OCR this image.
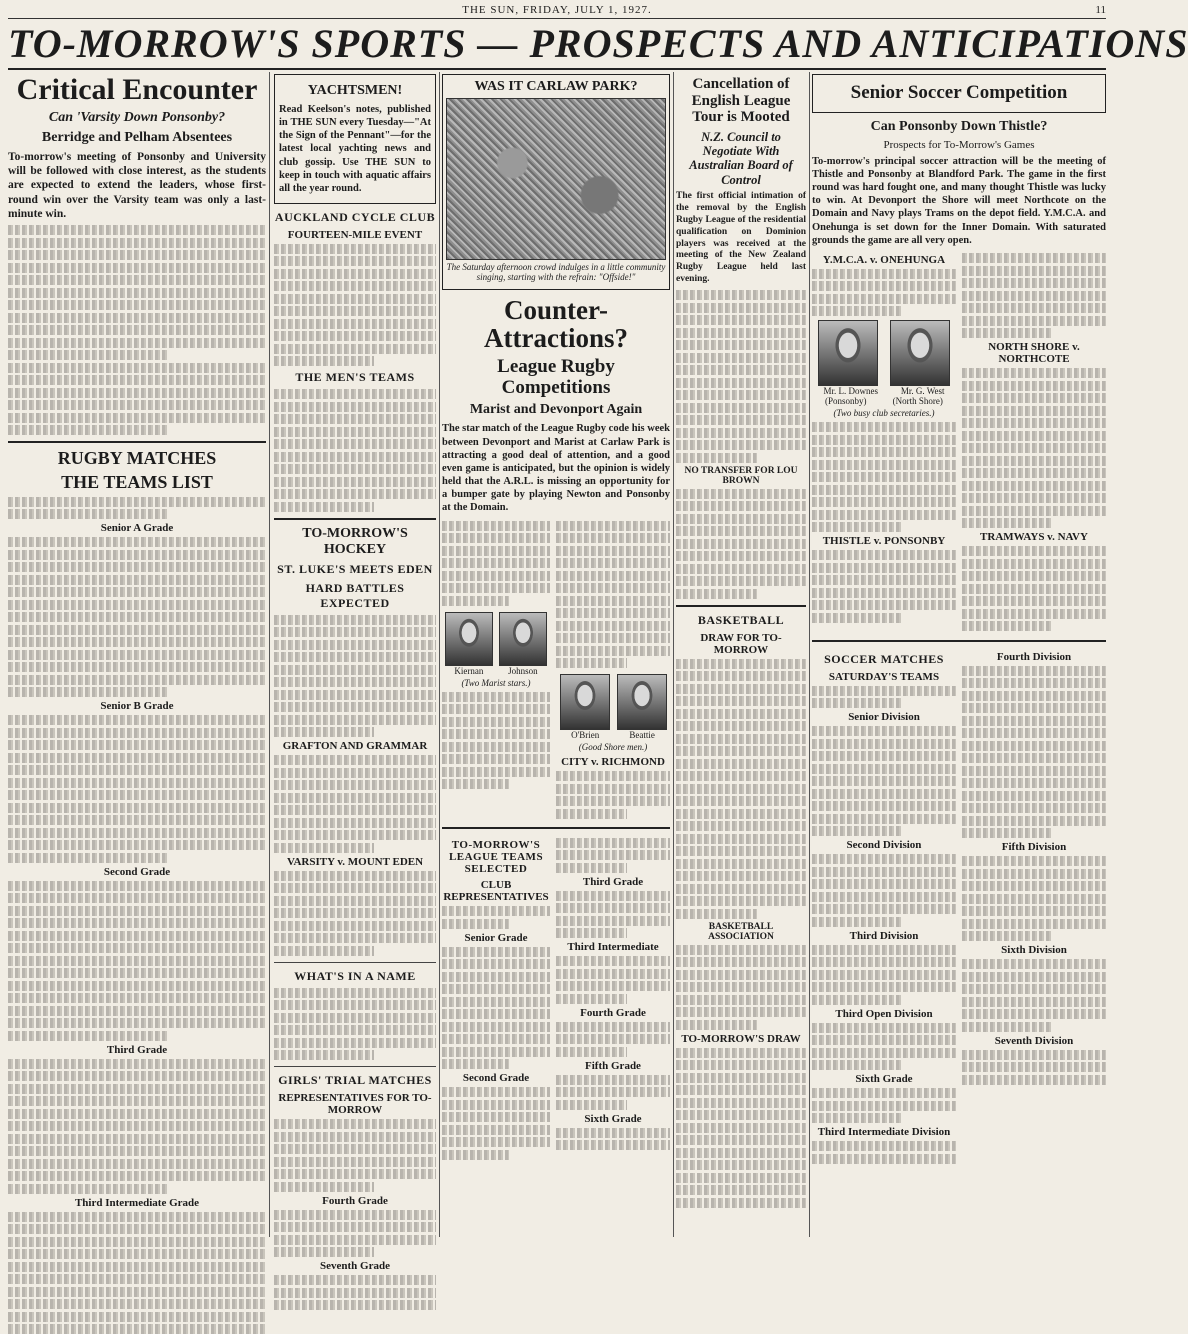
THE SUN, FRIDAY, JULY 1, 1927.	11
TO-MORROW'S SPORTS — PROSPECTS AND ANTICIPATIONS
Critical Encounter
Can 'Varsity Down Ponsonby?
Berridge and Pelham Absentees
To-morrow's meeting of Ponsonby and University will be followed with close interest, as the students are expected to extend the leaders, whose first-round win over the Varsity team was only a last-minute win.
RUGBY MATCHES
THE TEAMS LIST
Senior A Grade
Senior B Grade
Second Grade
Third Grade
Third Intermediate Grade
YACHTSMEN!
Read Keelson's notes, published in THE SUN every Tuesday—"At the Sign of the Pennant"—for the latest local yachting news and club gossip. Use THE SUN to keep in touch with aquatic affairs all the year round.
AUCKLAND CYCLE CLUB
FOURTEEN-MILE EVENT
THE MEN'S TEAMS
TO-MORROW'S HOCKEY
ST. LUKE'S MEETS EDEN
HARD BATTLES EXPECTED
GRAFTON AND GRAMMAR
VARSITY v. MOUNT EDEN
WHAT'S IN A NAME
GIRLS' TRIAL MATCHES
REPRESENTATIVES FOR TO-MORROW
Fourth Grade
Seventh Grade
WAS IT CARLAW PARK?
The Saturday afternoon crowd indulges in a little community singing, starting with the refrain: "Offside!"
Counter-Attractions?
League Rugby Competitions
Marist and Devonport Again
The star match of the League Rugby code his week between Devonport and Marist at Carlaw Park is attracting a good deal of attention, and a good even game is anticipated, but the opinion is widely held that the A.R.L. is missing an opportunity for a bumper gate by playing Newton and Ponsonby at the Domain.
Kiernan	Johnson
(Two Marist stars.)
O'Brien	Beattie
(Good Shore men.)
CITY v. RICHMOND
TO-MORROW'S LEAGUE TEAMS SELECTED
CLUB REPRESENTATIVES
Senior Grade
Second Grade
Third Grade
Third Intermediate
Fourth Grade
Fifth Grade
Sixth Grade
Cancellation of English League Tour is Mooted
N.Z. Council to Negotiate With Australian Board of Control
The first official intimation of the removal by the English Rugby League of the residential qualification on Dominion players was received at the meeting of the New Zealand Rugby League held last evening.
NO TRANSFER FOR LOU BROWN
BASKETBALL
DRAW FOR TO-MORROW
BASKETBALL ASSOCIATION
TO-MORROW'S DRAW
Senior Soccer Competition
Can Ponsonby Down Thistle?
Prospects for To-Morrow's Games
To-morrow's principal soccer attraction will be the meeting of Thistle and Ponsonby at Blandford Park. The game in the first round was hard fought one, and many thought Thistle was lucky to win. At Devonport the Shore will meet Northcote on the Domain and Navy plays Trams on the depot field. Y.M.C.A. and Onehunga is set down for the Inner Domain. With saturated grounds the game are all very open.
Y.M.C.A. v. ONEHUNGA
Mr. L. Downes	Mr. G. West
(Ponsonby)	(North Shore)
(Two busy club secretaries.)
THISTLE v. PONSONBY
NORTH SHORE v. NORTHCOTE
TRAMWAYS v. NAVY
SOCCER MATCHES
SATURDAY'S TEAMS
Senior Division
Second Division
Third Division
Third Open Division
Sixth Grade
Third Intermediate Division
Fourth Division
Fifth Division
Sixth Division
Seventh Division
